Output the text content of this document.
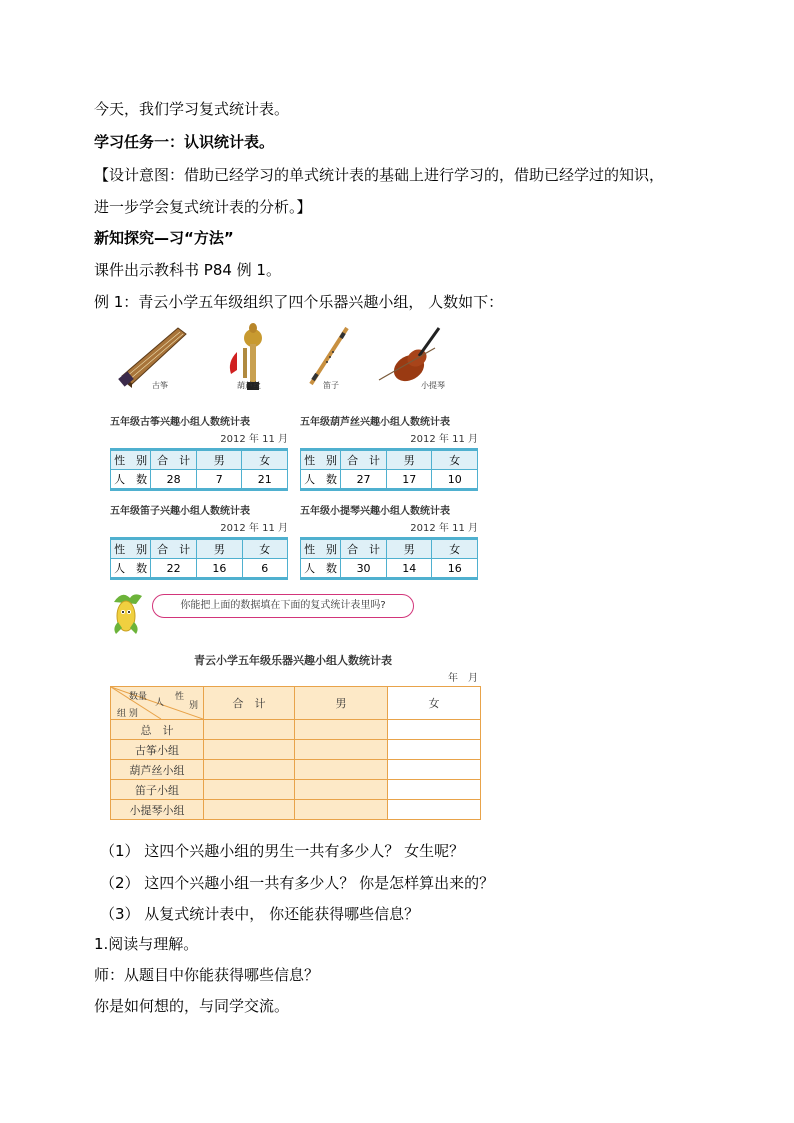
今天，我们学习复式统计表。
学习任务一：认识统计表。
【设计意图：借助已经学习的单式统计表的基础上进行学习的，借助已经学过的知识，
进一步学会复式统计表的分析。】
新知探究—习“方法”
课件出示教科书 P84 例 1。
例 1：青云小学五年级组织了四个乐器兴趣小组， 人数如下：
古筝	葫芦丝	笛子	小提琴
五年级古筝兴趣小组人数统计表
2012 年 11 月
性　别	合　计	男	女
人　数	28	7	21
五年级葫芦丝兴趣小组人数统计表
2012 年 11 月
性　别	合　计	男	女
人　数	27	17	10
五年级笛子兴趣小组人数统计表
2012 年 11 月
性　别	合　计	男	女
人　数	22	16	6
五年级小提琴兴趣小组人数统计表
2012 年 11 月
性　别	合　计	男	女
人　数	30	14	16
你能把上面的数据填在下面的复式统计表里吗?
青云小学五年级乐器兴趣小组人数统计表
年　月
数量
人
性
别
组 别	合　计	男	女
总　计			
古筝小组			
葫芦丝小组			
笛子小组			
小提琴小组			
（1） 这四个兴趣小组的男生一共有多少人？ 女生呢？
（2） 这四个兴趣小组一共有多少人？ 你是怎样算出来的？
（3） 从复式统计表中， 你还能获得哪些信息？
1.阅读与理解。
师：从题目中你能获得哪些信息？
你是如何想的，与同学交流。
